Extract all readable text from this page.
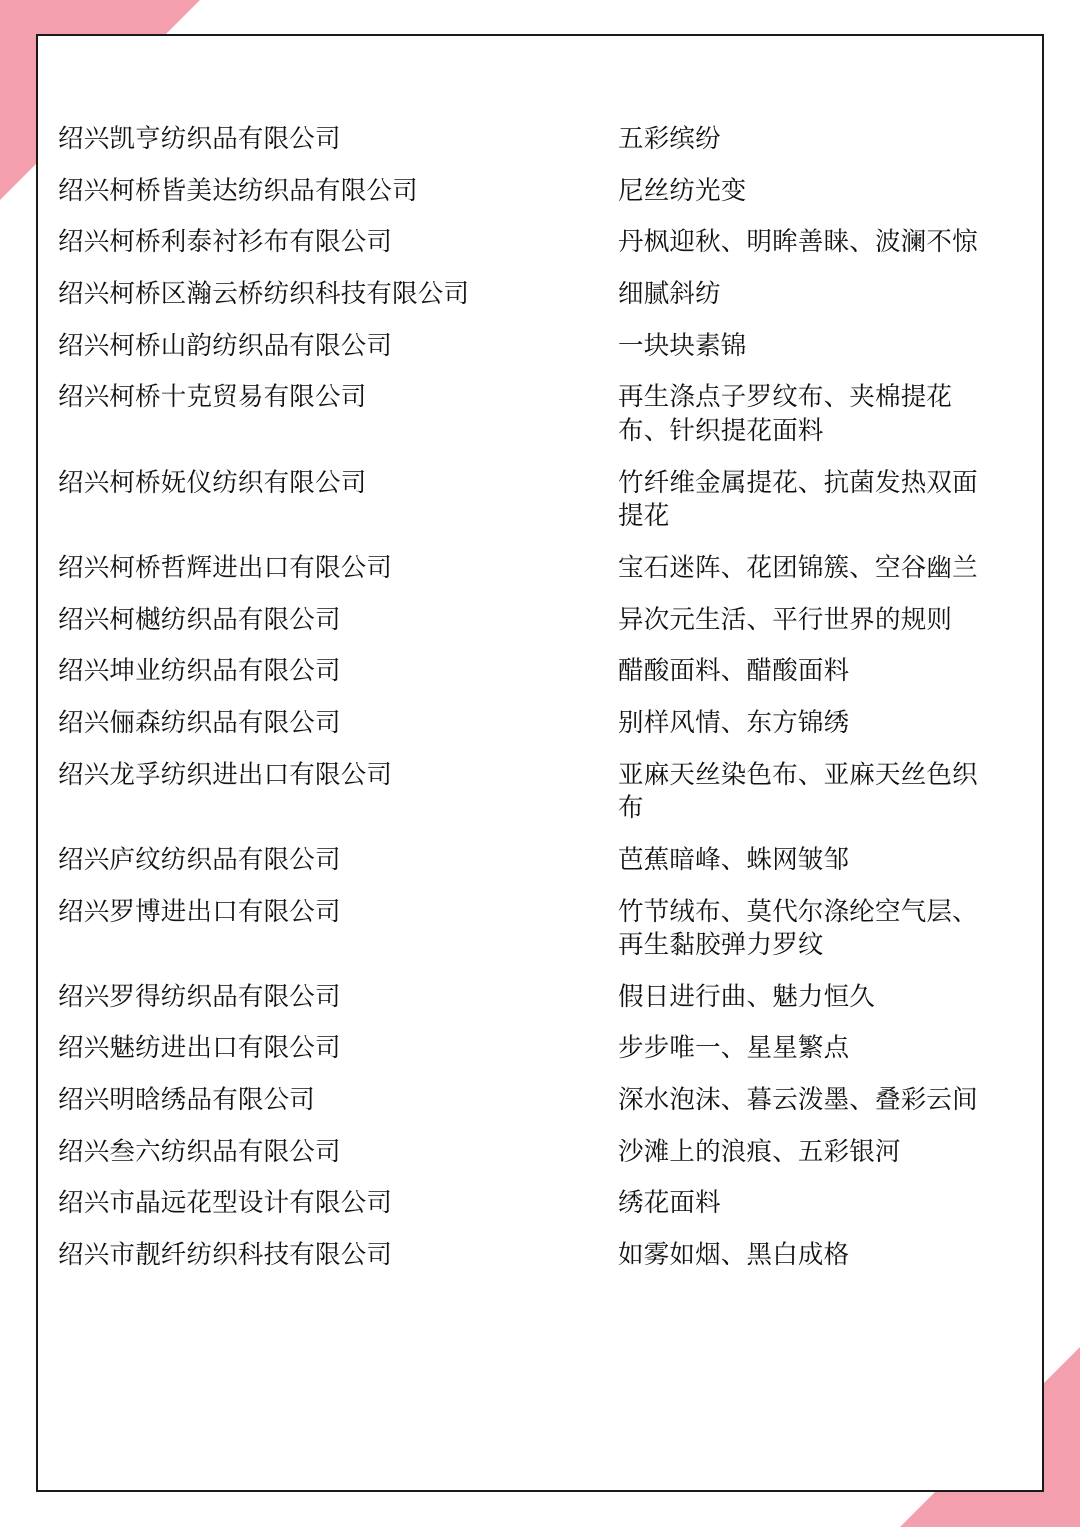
绍兴凯亨纺织品有限公司	五彩缤纷
绍兴柯桥皆美达纺织品有限公司	尼丝纺光变
绍兴柯桥利泰衬衫布有限公司	丹枫迎秋、明眸善睐、波澜不惊
绍兴柯桥区瀚云桥纺织科技有限公司	细腻斜纺
绍兴柯桥山韵纺织品有限公司	一块块素锦
绍兴柯桥十克贸易有限公司	再生涤点子罗纹布、夹棉提花布、针织提花面料
绍兴柯桥妩仪纺织有限公司	竹纤维金属提花、抗菌发热双面提花
绍兴柯桥哲辉进出口有限公司	宝石迷阵、花团锦簇、空谷幽兰
绍兴柯樾纺织品有限公司	异次元生活、平行世界的规则
绍兴坤业纺织品有限公司	醋酸面料、醋酸面料
绍兴俪森纺织品有限公司	别样风情、东方锦绣
绍兴龙孚纺织进出口有限公司	亚麻天丝染色布、亚麻天丝色织布
绍兴庐纹纺织品有限公司	芭蕉暗峰、蛛网皱邹
绍兴罗博进出口有限公司	竹节绒布、莫代尔涤纶空气层、再生黏胶弹力罗纹
绍兴罗得纺织品有限公司	假日进行曲、魅力恒久
绍兴魅纺进出口有限公司	步步唯一、星星繁点
绍兴明晗绣品有限公司	深水泡沫、暮云泼墨、叠彩云间
绍兴叁六纺织品有限公司	沙滩上的浪痕、五彩银河
绍兴市晶远花型设计有限公司	绣花面料
绍兴市靓纤纺织科技有限公司	如雾如烟、黑白成格
